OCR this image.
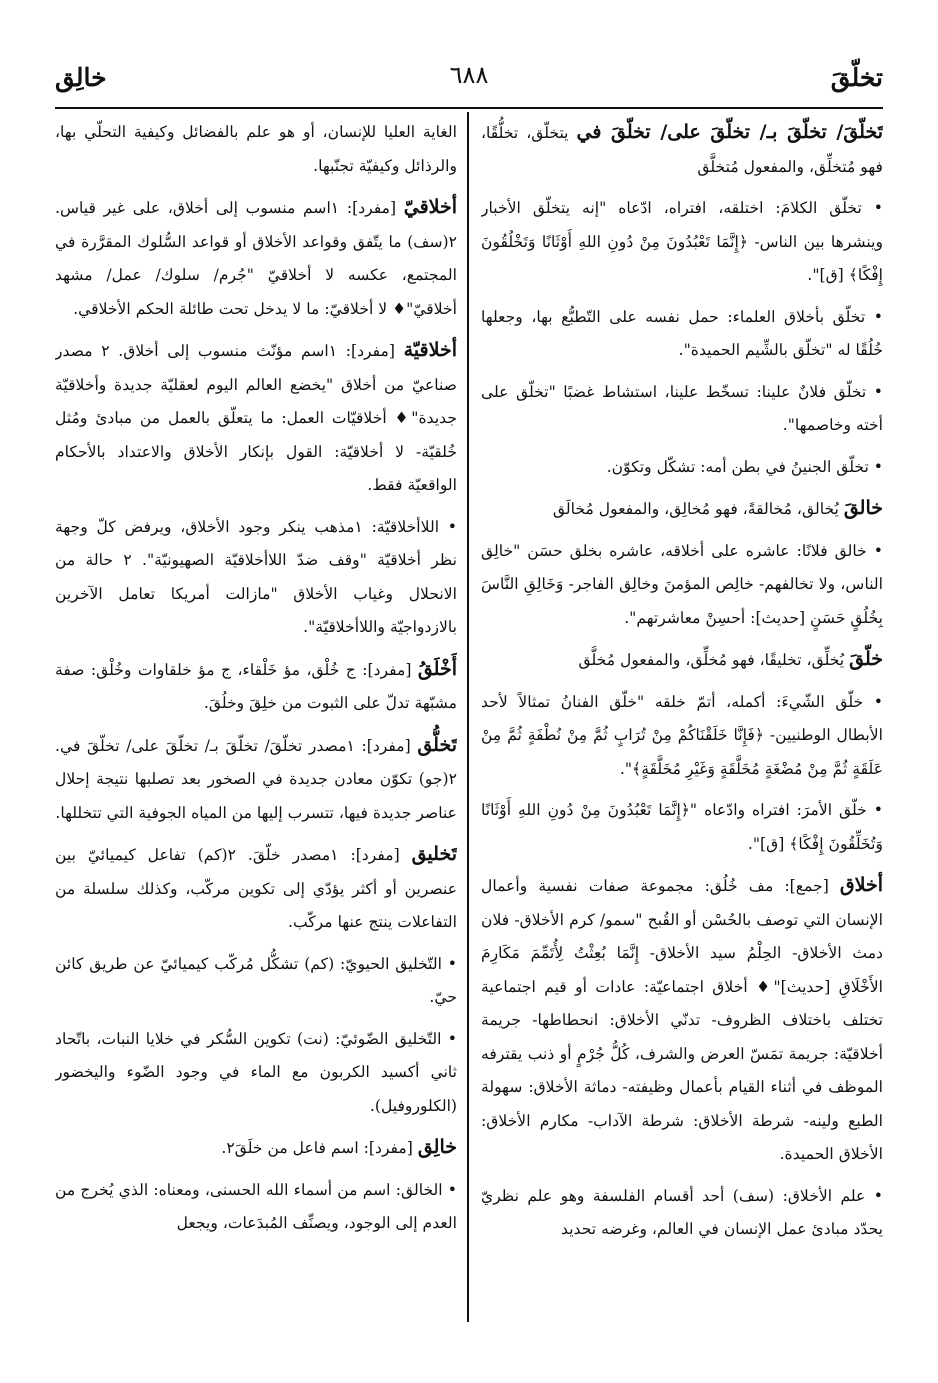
تخلّقَ
٦٨٨
خالِق

تَخلّقَ/ تخلّقَ بـ/ تخلّقَ على/ تخلّقَ في يتخلّق، تخلُّقًا، فهو مُتخلِّق، والمفعول مُتخلَّق

• تخلّق الكلامَ: اختلقه، افتراه، ادّعاه "إنه يتخلّق الأخبار وينشرها بين الناس- ﴿إِنَّمَا تَعْبُدُونَ مِنْ دُونِ اللهِ أَوْثَانًا وَتَخْلُقُونَ إِفْكًا﴾ [ق]".

• تخلّق بأخلاق العلماء: حمل نفسه على التّطبُّع بها، وجعلها خُلُقًا له "تخلّق بالشِّيم الحميدة".

• تخلّق فلانٌ علينا: تسخّط علينا، استشاط غضبًا "تخلّق على أخته وخاصمها".

• تخلّق الجنينُ في بطن أمه: تشكّل وتكوّن.

خالقَ يُخالق، مُخالقةً، فهو مُخالِق، والمفعول مُخالَق

• خالق فلانًا: عاشره على أخلاقه، عاشره بخلق حسَن "خالِق الناس، ولا تخالفهم- خالِص المؤمنَ وخالِق الفاجر- وَخَالِقِ النَّاسَ بِخُلُقٍ حَسَنٍ [حديث]: أحسِنْ معاشرتهم".

خلّقَ يُخلِّق، تخليقًا، فهو مُخلِّق، والمفعول مُخلَّق

• خلّق الشّيءَ: أكمله، أتمّ خلقه "خلّق الفنانُ تمثالاً لأحد الأبطال الوطنيين- ﴿فَإِنَّا خَلَقْنَاكُمْ مِنْ تُرَابٍ ثُمَّ مِنْ نُطْفَةٍ ثُمَّ مِنْ عَلَقَةٍ ثُمَّ مِنْ مُضْغَةٍ مُخَلَّقَةٍ وَغَيْرِ مُخَلَّقَةٍ﴾".

• خلّق الأمرَ: افتراه وادّعاه "﴿إِنَّمَا تَعْبُدُونَ مِنْ دُونِ اللهِ أَوْثَانًا وَتُخَلِّقُونَ إِفْكًا﴾ [ق]".

أخلاق [جمع]: مف خُلُق: مجموعة صفات نفسية وأعمال الإنسان التي توصف بالحُسْن أو القُبح "سمو/ كرم الأخلاق- فلان دمث الأخلاق- الحِلْمُ سيد الأخلاق- إِنَّمَا بُعِثْتُ لِأُتَمِّمَ مَكَارِمَ الأَخْلَاقِ [حديث]"♦ أخلاق اجتماعيّة: عادات أو قيم اجتماعية تختلف باختلاف الظروف- تدنّي الأخلاق: انحطاطها- جريمة أخلاقيّة: جريمة تمَسّ العرض والشرف، كُلُّ جُرْمٍ أو ذنب يقترفه الموظف في أثناء القيام بأعمال وظيفته- دماثة الأخلاق: سهولة الطبع ولينه- شرطة الأخلاق: شرطة الآداب- مكارم الأخلاق: الأخلاق الحميدة.

• علم الأخلاق: (سف) أحد أقسام الفلسفة وهو علم نظريّ يحدّد مبادئ عمل الإنسان في العالم، وغرضه تحديد

الغاية العليا للإنسان، أو هو علم بالفضائل وكيفية التحلّي بها، والرذائل وكيفيّة تجنّبها.

أخلاقيّ [مفرد]: ١اسم منسوب إلى أخلاق، على غير قياس. ٢(سف) ما يتّفق وقواعد الأخلاق أو قواعد السُّلوك المقرَّرة في المجتمع، عكسه لا أخلاقيّ "جُرم/ سلوك/ عمل/ مشهد أخلاقيّ"♦ لا أخلاقيّ: ما لا يدخل تحت طائلة الحكم الأخلاقي.

أخلاقيّة [مفرد]: ١اسم مؤنّث منسوب إلى أخلاق. ٢ مصدر صناعيّ من أخلاق "يخضع العالم اليوم لعقليّة جديدة وأخلاقيّة جديدة"♦ أخلاقيّات العمل: ما يتعلّق بالعمل من مبادئ ومُثل خُلقيّة- لا أخلاقيّة: القول بإنكار الأخلاق والاعتداد بالأحكام الواقعيّة فقط.

• اللاأخلاقيّة: ١مذهب ينكر وجود الأخلاق، ويرفض كلّ وجهة نظر أخلاقيّة "وقف ضدّ اللاأخلاقيّة الصهيونيّة". ٢ حالة من الانحلال وغياب الأخلاق "مازالت أمريكا تعامل الآخرين بالازدواجيّة واللاأخلاقيّة".

أَخْلَقُ [مفرد]: ج خُلْق، مؤ خَلْقاء، ج مؤ خلقاوات وخُلْق: صفة مشبّهة تدلّ على الثبوت من خلِقَ وخلُقَ.

تَخلُّق [مفرد]: ١مصدر تخلّقَ/ تخلّقَ بـ/ تخلّقَ على/ تخلّقَ في. ٢(جو) تكوّن معادن جديدة في الصخور بعد تصلبها نتيجة إحلال عناصر جديدة فيها، تتسرب إليها من المياه الجوفية التي تتخللها.

تَخليق [مفرد]: ١مصدر خلّقَ. ٢(كم) تفاعل كيميائيّ بين عنصرين أو أكثر يؤدّي إلى تكوين مركّب، وكذلك سلسلة من التفاعلات ينتج عنها مركّب.

• التّخليق الحيويّ: (كم) تشكُّل مُركّب كيميائيّ عن طريق كائن حيّ.

• التّخليق الضّوئيّ: (نت) تكوين السُّكر في خلايا النبات، باتّحاد ثاني أكسيد الكربون مع الماء في وجود الضّوء واليخضور (الكلوروفيل).

خالِق [مفرد]: اسم فاعل من خلَقَ٢.

• الخالق: اسم من أسماء الله الحسنى، ومعناه: الذي يُخرج من العدم إلى الوجود، ويصنِّف المُبدَعات، ويجعل
